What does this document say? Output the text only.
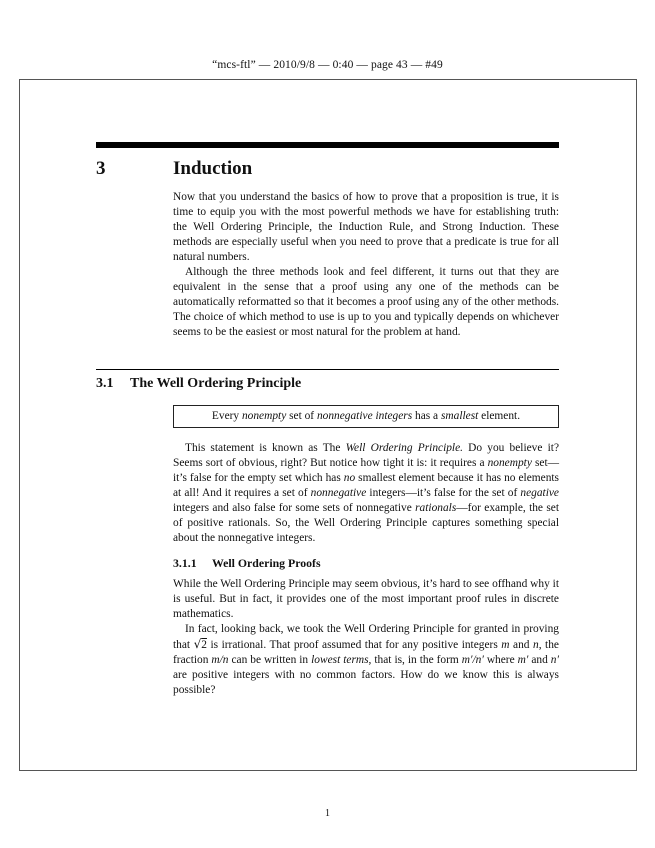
“mcs-ftl” — 2010/9/8 — 0:40 — page 43 — #49
3	Induction

Now that you understand the basics of how to prove that a proposition is true, it is time to equip you with the most powerful methods we have for establishing truth: the Well Ordering Principle, the Induction Rule, and Strong Induction. These methods are especially useful when you need to prove that a predicate is true for all natural numbers.

Although the three methods look and feel different, it turns out that they are equivalent in the sense that a proof using any one of the methods can be automatically reformatted so that it becomes a proof using any of the other methods. The choice of which method to use is up to you and typically depends on whichever seems to be the easiest or most natural for the problem at hand.

3.1 The Well Ordering Principle
Every nonempty set of nonnegative integers has a smallest element.

This statement is known as The Well Ordering Principle. Do you believe it? Seems sort of obvious, right? But notice how tight it is: it requires a nonempty set—it’s false for the empty set which has no smallest element because it has no elements at all! And it requires a set of nonnegative integers—it’s false for the set of negative integers and also false for some sets of nonnegative rationals—for example, the set of positive rationals. So, the Well Ordering Principle captures something special about the nonnegative integers.

3.1.1 Well Ordering Proofs

While the Well Ordering Principle may seem obvious, it’s hard to see offhand why it is useful. But in fact, it provides one of the most important proof rules in discrete mathematics.

In fact, looking back, we took the Well Ordering Principle for granted in proving that √2 is irrational. That proof assumed that for any positive integers m and n, the fraction m/n can be written in lowest terms, that is, in the form m′/n′ where m′ and n′ are positive integers with no common factors. How do we know this is always possible?

1
